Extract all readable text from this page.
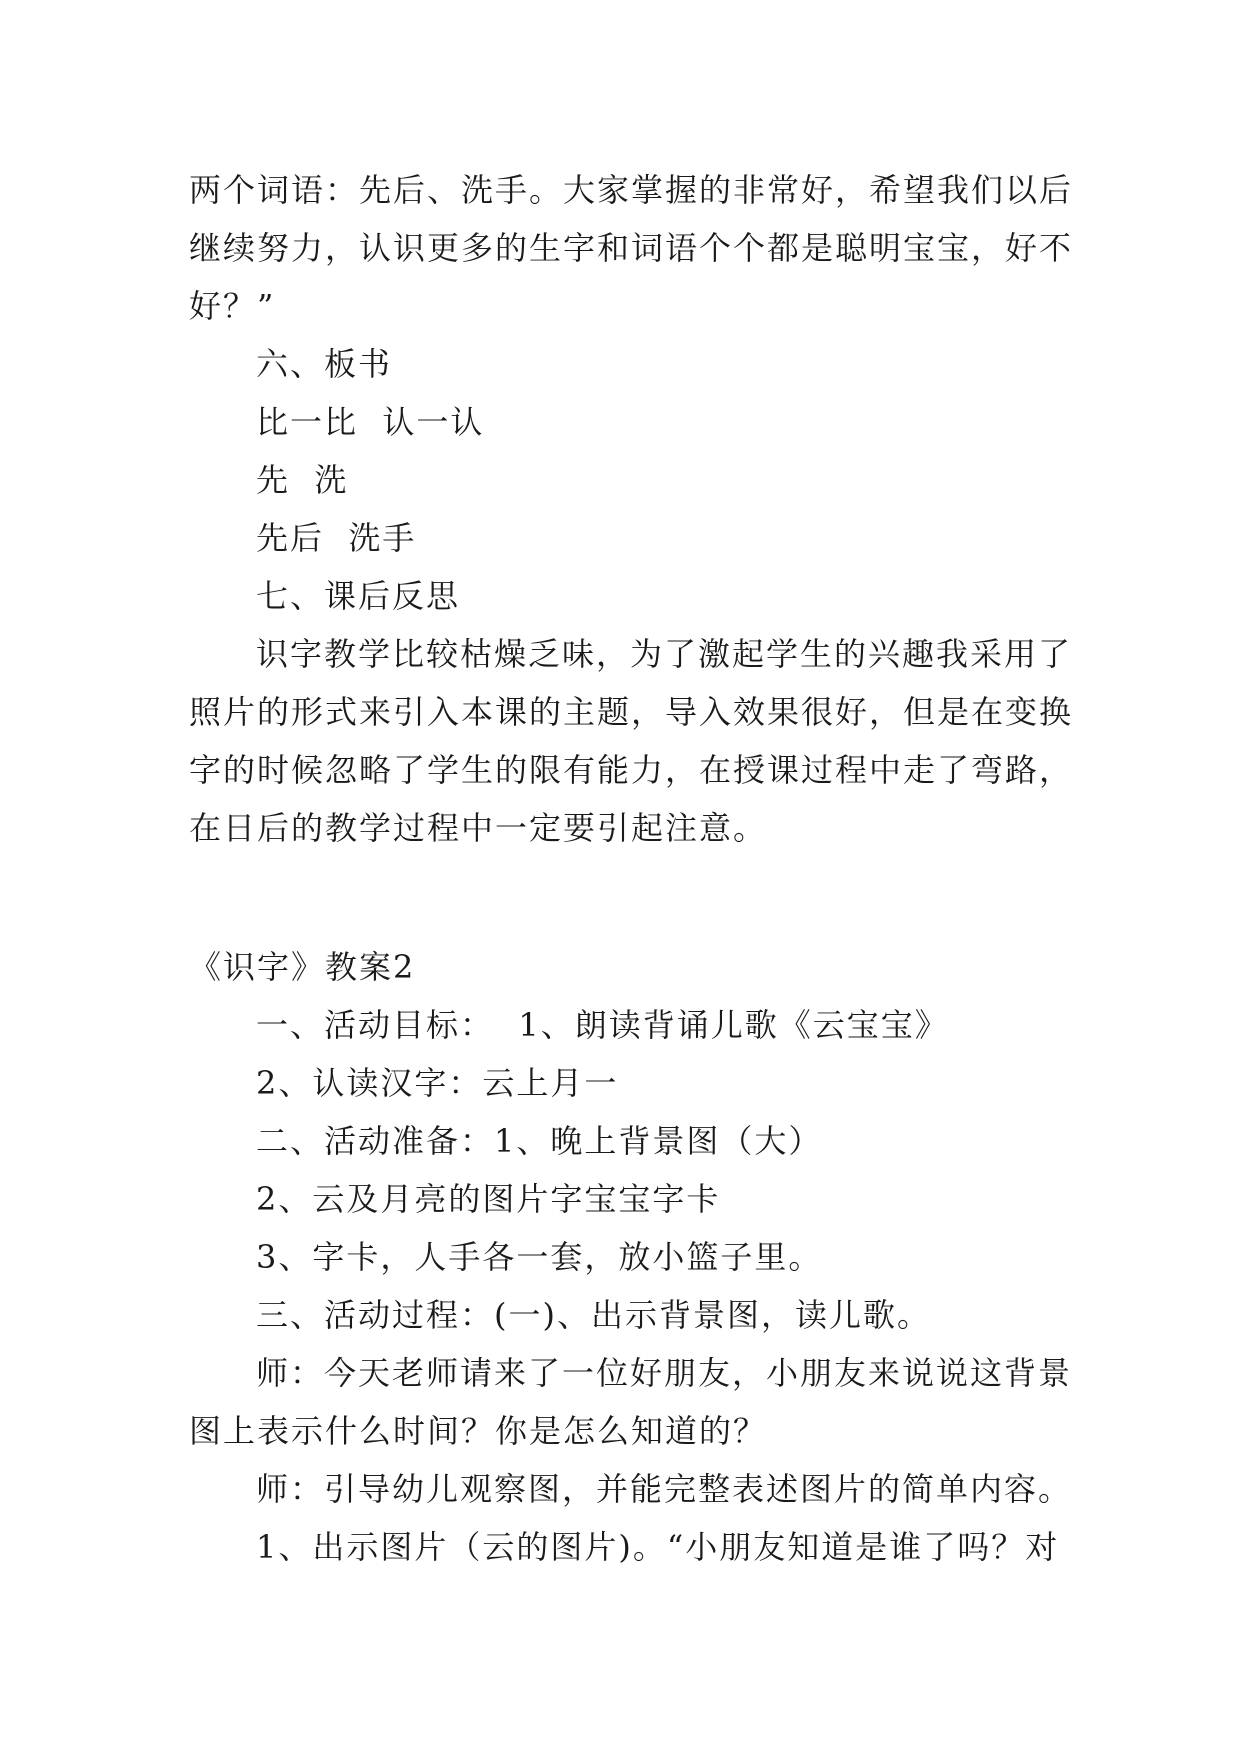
两个词语：先后、洗手。大家掌握的非常好，希望我们以后
继续努力，认识更多的生字和词语个个都是聪明宝宝，好不
好？”
六、板书
比一比  认一认
先  洗
先后  洗手
七、课后反思
识字教学比较枯燥乏味，为了激起学生的兴趣我采用了
照片的形式来引入本课的主题，导入效果很好，但是在变换
字的时候忽略了学生的限有能力，在授课过程中走了弯路，
在日后的教学过程中一定要引起注意。
《识字》教案2
一、活动目标：  1、朗读背诵儿歌《云宝宝》
2、认读汉字：云上月一
二、活动准备：1、晚上背景图（大）
2、云及月亮的图片字宝宝字卡
3、字卡，人手各一套，放小篮子里。
三、活动过程：(一)、出示背景图，读儿歌。
师：今天老师请来了一位好朋友，小朋友来说说这背景
图上表示什么时间？你是怎么知道的？
师：引导幼儿观察图，并能完整表述图片的简单内容。
1、出示图片（云的图片)。“小朋友知道是谁了吗？对
